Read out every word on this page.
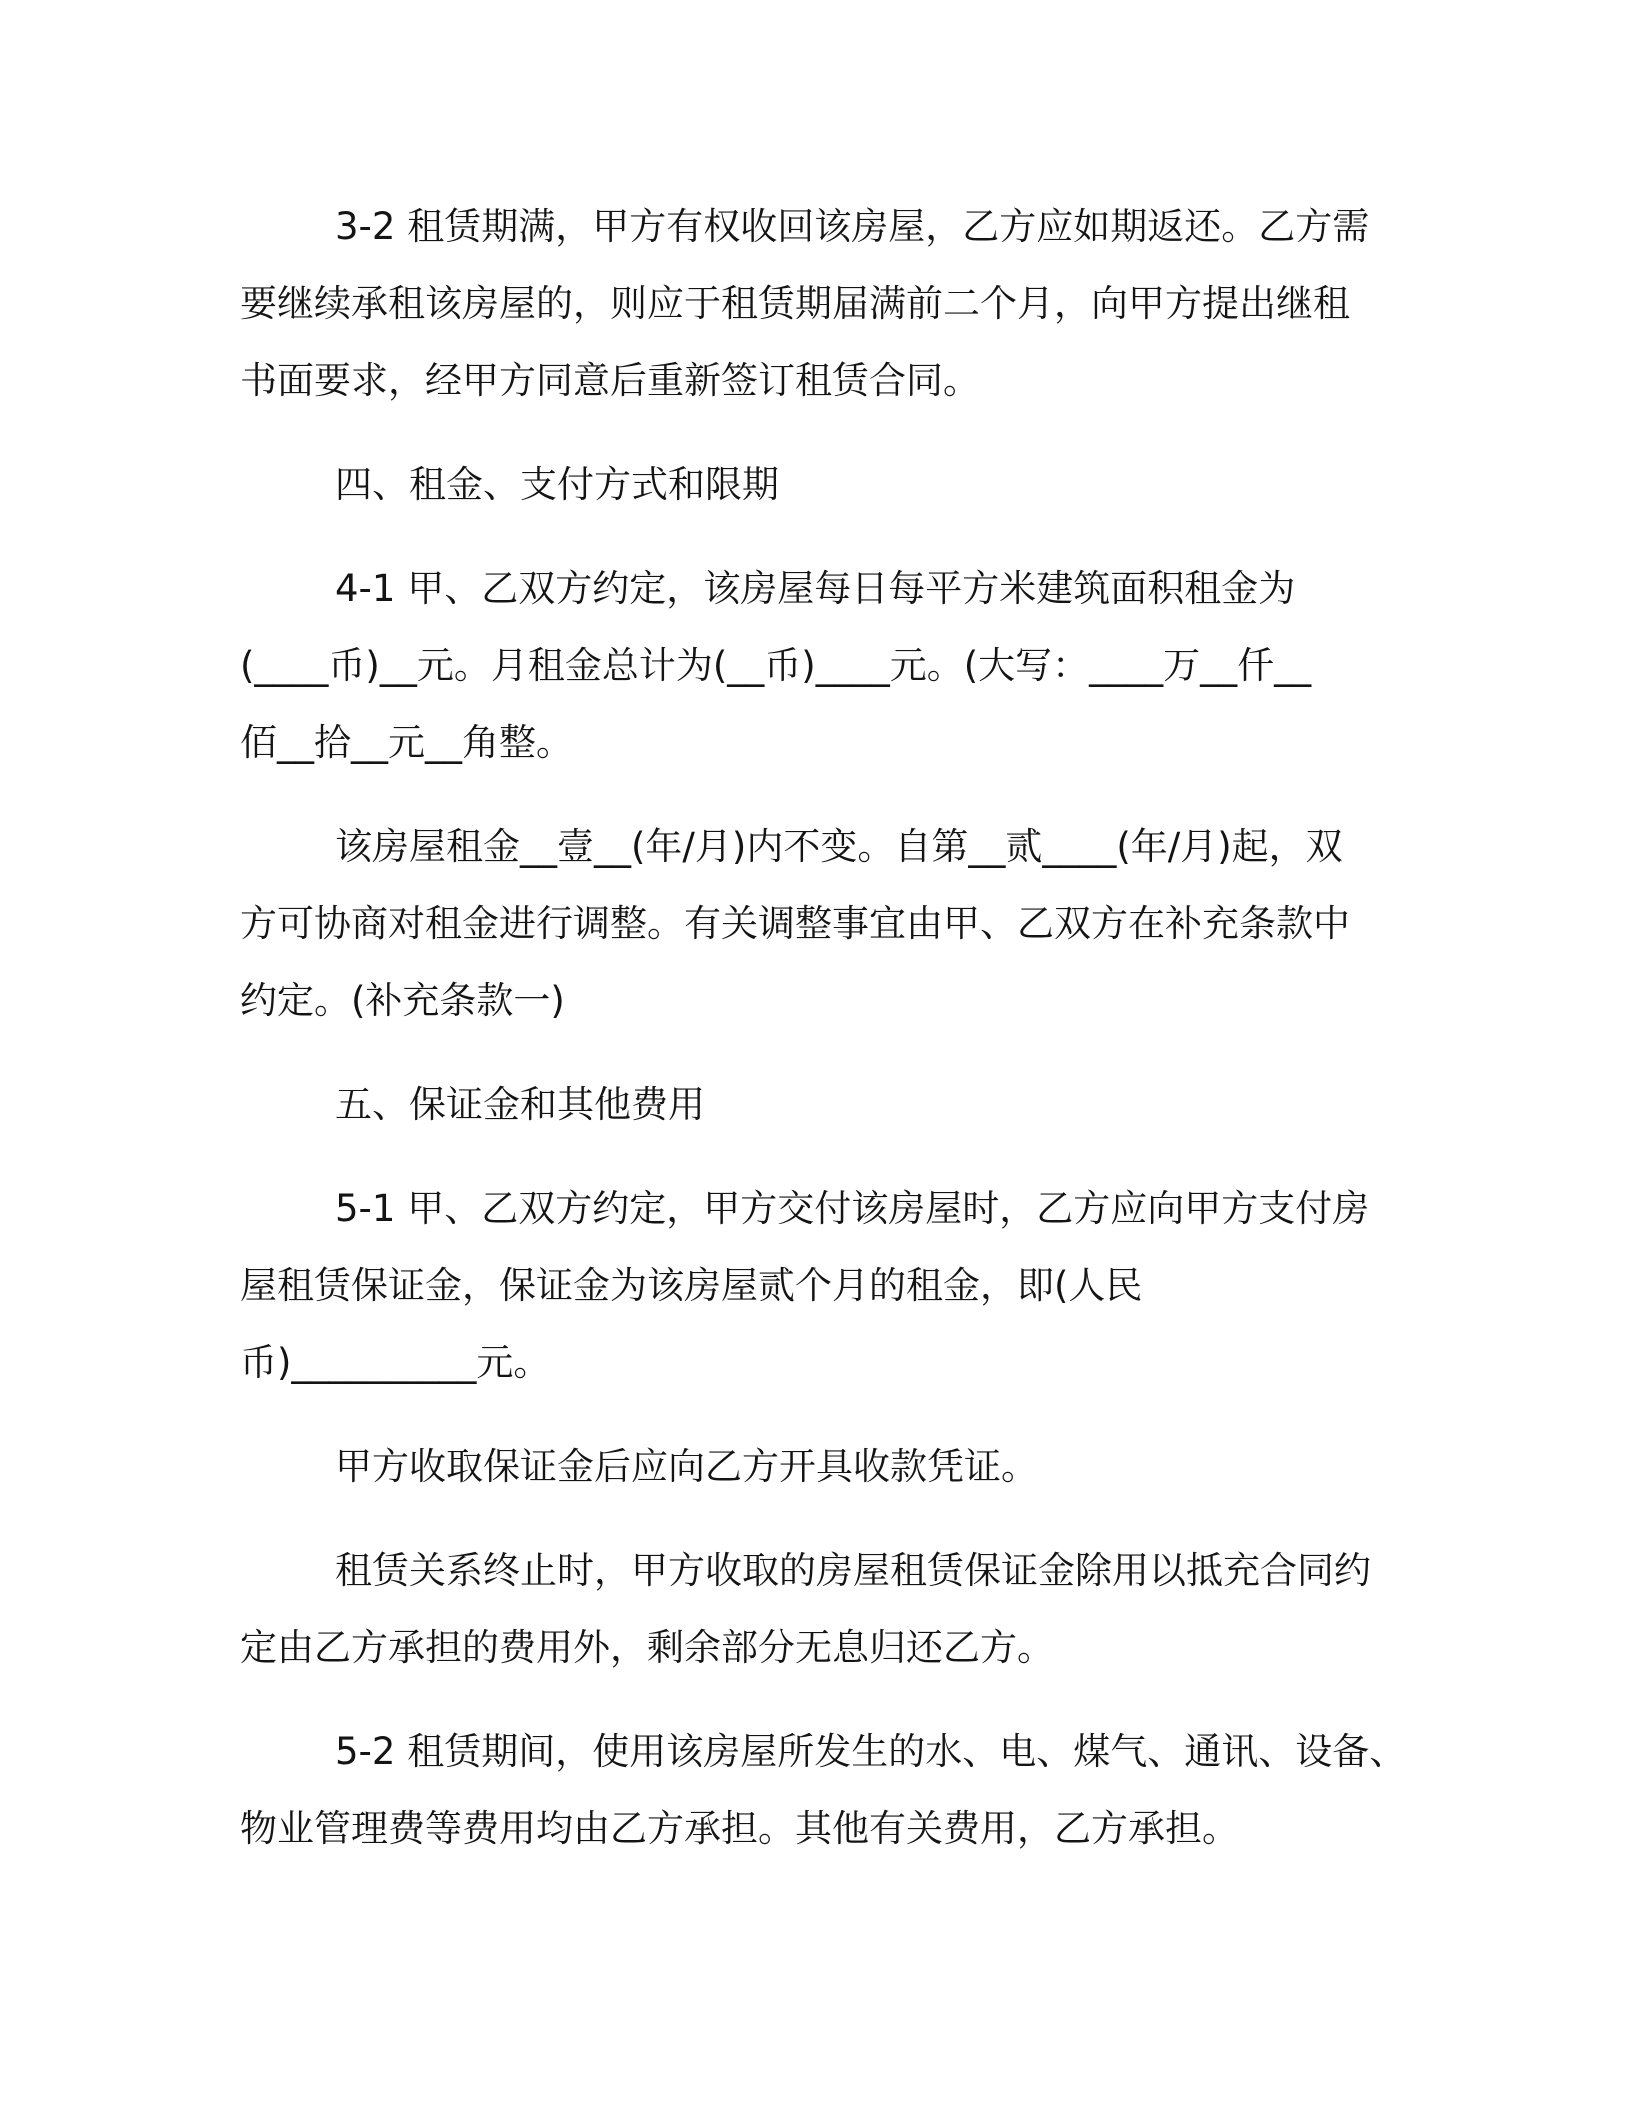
3-2 租赁期满，甲方有权收回该房屋，乙方应如期返还。乙方需
要继续承租该房屋的，则应于租赁期届满前二个月，向甲方提出继租
书面要求，经甲方同意后重新签订租赁合同。
四、租金、支付方式和限期
4-1 甲、乙双方约定，该房屋每日每平方米建筑面积租金为
(____币)__元。月租金总计为(__币)____元。(大写：____万__仟__
佰__拾__元__角整。
该房屋租金__壹__(年/月)内不变。自第__贰____(年/月)起，双
方可协商对租金进行调整。有关调整事宜由甲、乙双方在补充条款中
约定。(补充条款一)
五、保证金和其他费用
5-1 甲、乙双方约定，甲方交付该房屋时，乙方应向甲方支付房
屋租赁保证金，保证金为该房屋贰个月的租金，即(人民
币)__________元。
甲方收取保证金后应向乙方开具收款凭证。
租赁关系终止时，甲方收取的房屋租赁保证金除用以抵充合同约
定由乙方承担的费用外，剩余部分无息归还乙方。
5-2 租赁期间，使用该房屋所发生的水、电、煤气、通讯、设备、
物业管理费等费用均由乙方承担。其他有关费用，乙方承担。
